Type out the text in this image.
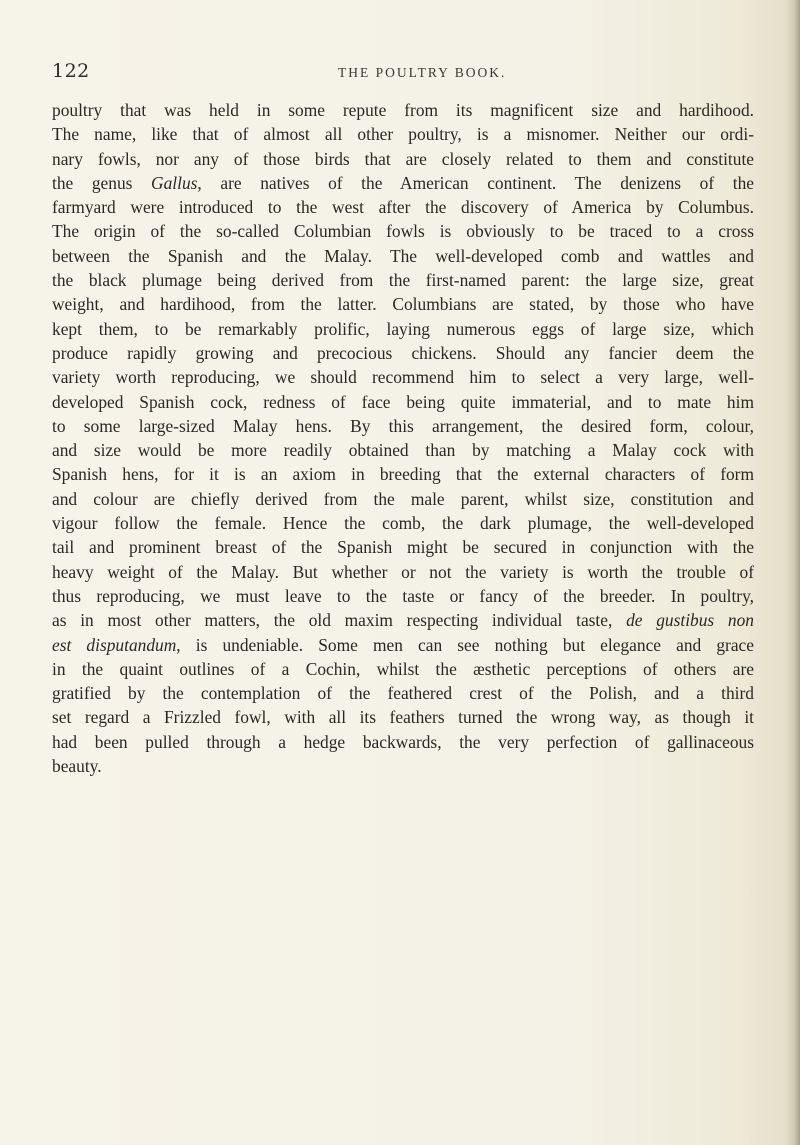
122	THE POULTRY BOOK.
poultry that was held in some repute from its magnificent size and hardihood.
The name, like that of almost all other poultry, is a misnomer. Neither our ordi-
nary fowls, nor any of those birds that are closely related to them and constitute
the genus Gallus, are natives of the American continent. The denizens of the
farmyard were introduced to the west after the discovery of America by Columbus.
The origin of the so-called Columbian fowls is obviously to be traced to a cross
between the Spanish and the Malay. The well-developed comb and wattles and
the black plumage being derived from the first-named parent: the large size, great
weight, and hardihood, from the latter. Columbians are stated, by those who have
kept them, to be remarkably prolific, laying numerous eggs of large size, which
produce rapidly growing and precocious chickens. Should any fancier deem the
variety worth reproducing, we should recommend him to select a very large, well-
developed Spanish cock, redness of face being quite immaterial, and to mate him
to some large-sized Malay hens. By this arrangement, the desired form, colour,
and size would be more readily obtained than by matching a Malay cock with
Spanish hens, for it is an axiom in breeding that the external characters of form
and colour are chiefly derived from the male parent, whilst size, constitution and
vigour follow the female. Hence the comb, the dark plumage, the well-developed
tail and prominent breast of the Spanish might be secured in conjunction with the
heavy weight of the Malay. But whether or not the variety is worth the trouble of
thus reproducing, we must leave to the taste or fancy of the breeder. In poultry,
as in most other matters, the old maxim respecting individual taste, de gustibus non
est disputandum, is undeniable. Some men can see nothing but elegance and grace
in the quaint outlines of a Cochin, whilst the æsthetic perceptions of others are
gratified by the contemplation of the feathered crest of the Polish, and a third
set regard a Frizzled fowl, with all its feathers turned the wrong way, as though it
had been pulled through a hedge backwards, the very perfection of gallinaceous
beauty.
